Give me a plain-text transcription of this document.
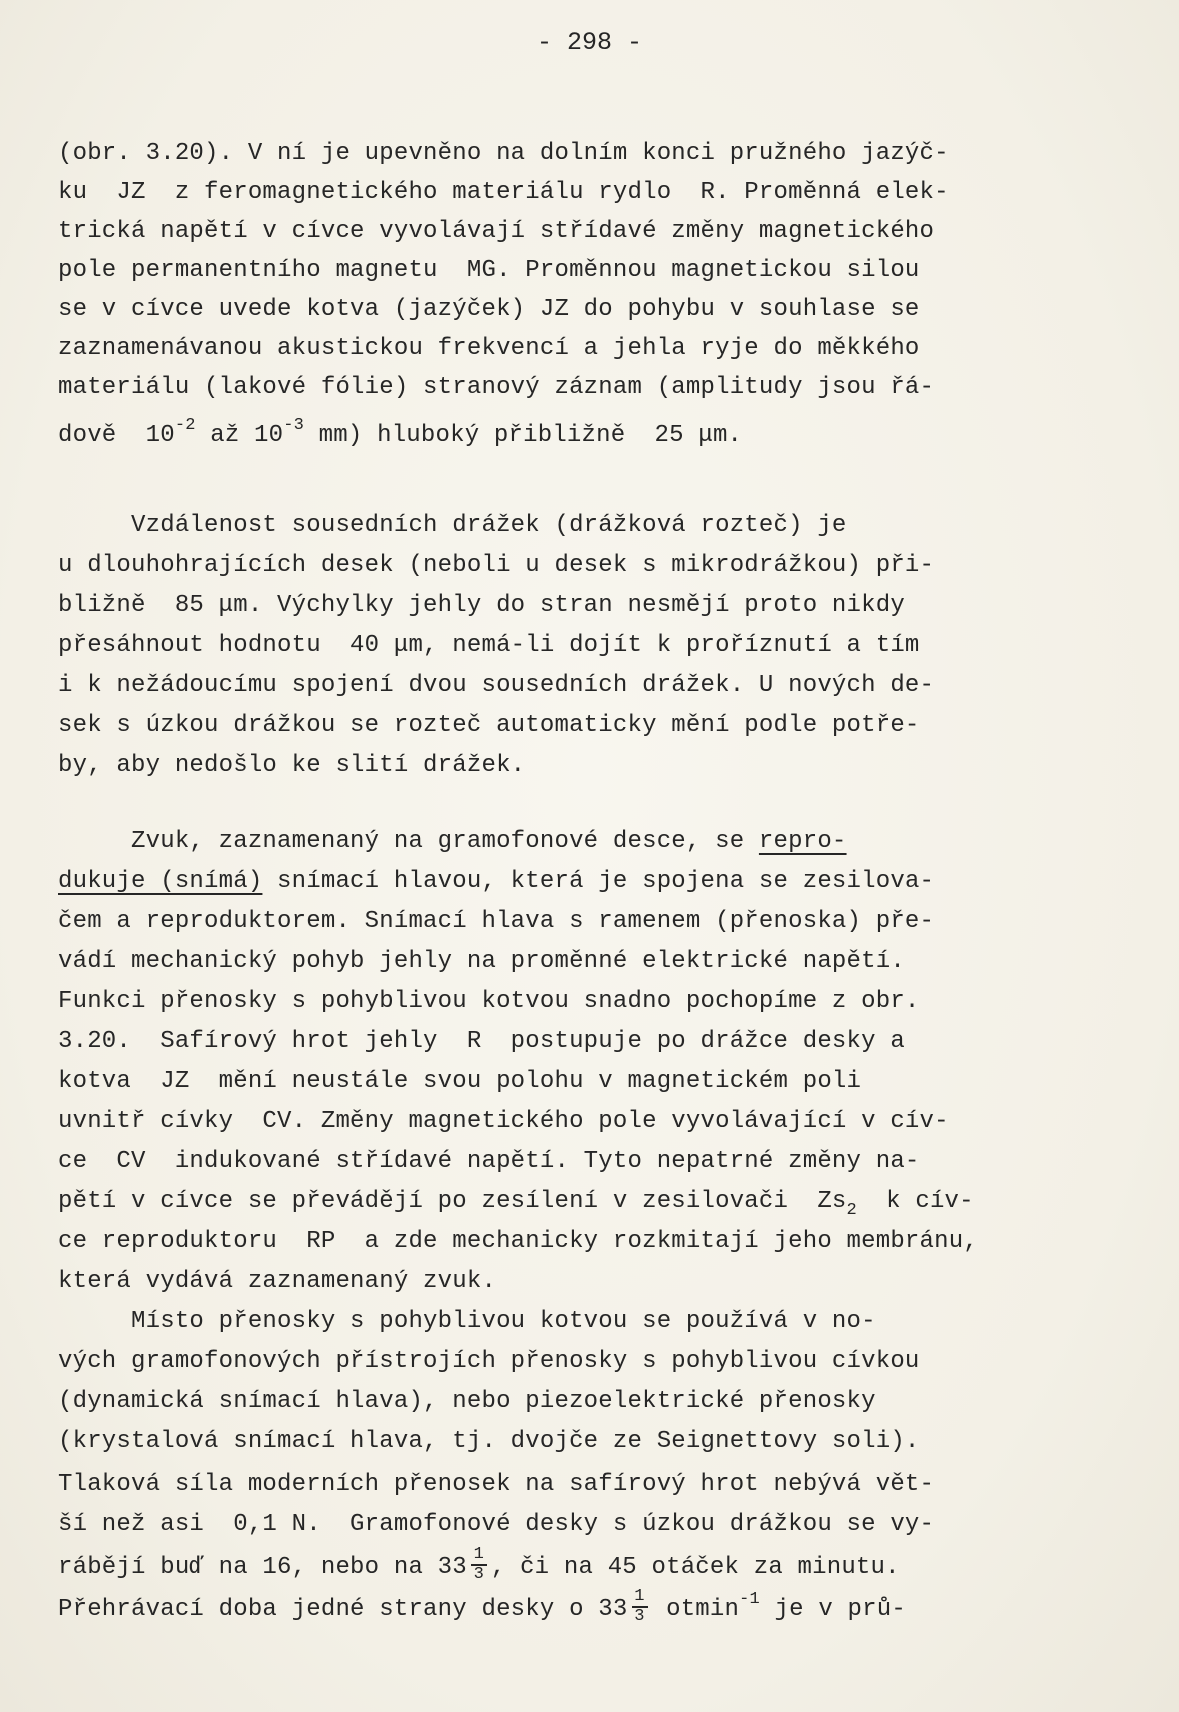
- 298 -
(obr. 3.20). V ní je upevněno na dolním konci pružného jazýč-
ku  JZ  z feromagnetického materiálu rydlo  R. Proměnná elek-
trická napětí v cívce vyvolávají střídavé změny magnetického
pole permanentního magnetu  MG. Proměnnou magnetickou silou
se v cívce uvede kotva (jazýček) JZ do pohybu v souhlase se
zaznamenávanou akustickou frekvencí a jehla ryje do měkkého
materiálu (lakové fólie) stranový záznam (amplitudy jsou řá-
dově  10-2 až 10-3 mm) hluboký přibližně  25 μm.
Vzdálenost sousedních drážek (drážková rozteč) je
u dlouhohrajících desek (neboli u desek s mikrodrážkou) při-
bližně  85 μm. Výchylky jehly do stran nesmějí proto nikdy
přesáhnout hodnotu  40 μm, nemá-li dojít k proříznutí a tím
i k nežádoucímu spojení dvou sousedních drážek. U nových de-
sek s úzkou drážkou se rozteč automaticky mění podle potře-
by, aby nedošlo ke slití drážek.
Zvuk, zaznamenaný na gramofonové desce, se repro-
dukuje (snímá) snímací hlavou, která je spojena se zesilova-
čem a reproduktorem. Snímací hlava s ramenem (přenoska) pře-
vádí mechanický pohyb jehly na proměnné elektrické napětí.
Funkci přenosky s pohyblivou kotvou snadno pochopíme z obr.
3.20.  Safírový hrot jehly  R  postupuje po drážce desky a
kotva  JZ  mění neustále svou polohu v magnetickém poli
uvnitř cívky  CV. Změny magnetického pole vyvolávající v cív-
ce  CV  indukované střídavé napětí. Tyto nepatrné změny na-
pětí v cívce se převádějí po zesílení v zesilovači  Zs2  k cív-
ce reproduktoru  RP  a zde mechanicky rozkmitají jeho membránu,
která vydává zaznamenaný zvuk.
Místo přenosky s pohyblivou kotvou se používá v no-
vých gramofonových přístrojích přenosky s pohyblivou cívkou
(dynamická snímací hlava), nebo piezoelektrické přenosky
(krystalová snímací hlava, tj. dvojče ze Seignettovy soli).
Tlaková síla moderních přenosek na safírový hrot nebývá vět-
ší než asi  0,1 N.  Gramofonové desky s úzkou drážkou se vy-
rábějí buď na 16, nebo na $33 \frac{1}{3}$ , či na 45 otáček za minutu.
Přehrávací doba jedné strany desky o $33 \frac{1}{3} otmin-1$ je v prů-
